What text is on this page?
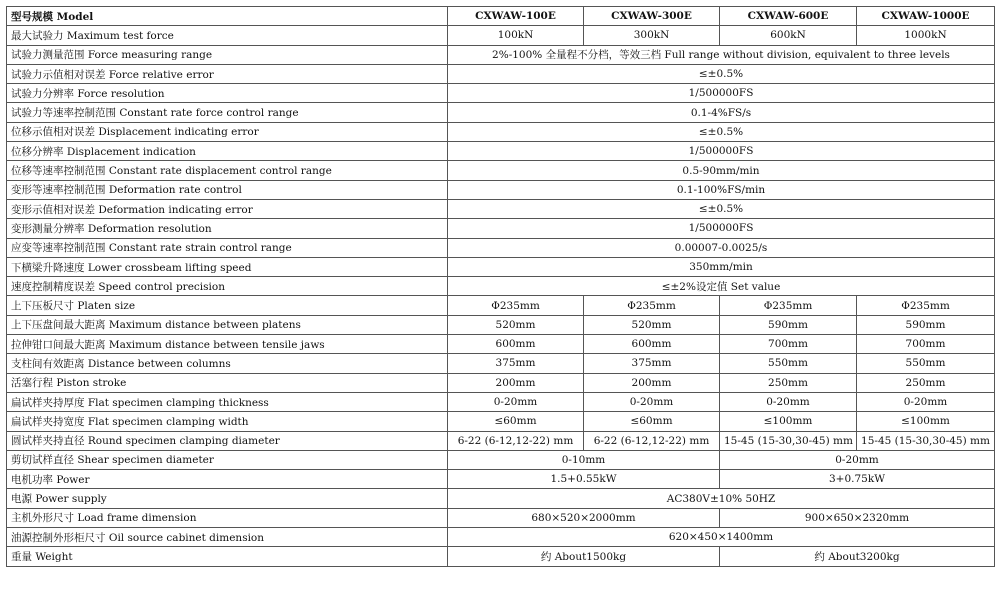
型号规模 Model	CXWAW-100E	CXWAW-300E	CXWAW-600E	CXWAW-1000E
最大试验力 Maximum test force	100kN	300kN	600kN	1000kN
试验力测量范围 Force measuring range	2%-100% 全量程不分档，等效三档 Full range without division, equivalent to three levels			
试验力示值相对误差 Force relative error	≤±0.5%			
试验力分辨率 Force resolution	1/500000FS			
试验力等速率控制范围 Constant rate force control range	0.1-4%FS/s			
位移示值相对误差 Displacement indicating error	≤±0.5%			
位移分辨率 Displacement indication	1/500000FS			
位移等速率控制范围 Constant rate displacement control range	0.5-90mm/min			
变形等速率控制范围 Deformation rate control	0.1-100%FS/min			
变形示值相对误差 Deformation indicating error	≤±0.5%			
变形测量分辨率 Deformation resolution	1/500000FS			
应变等速率控制范围 Constant rate strain control range	0.00007-0.0025/s			
下横梁升降速度 Lower crossbeam lifting speed	350mm/min			
速度控制精度误差 Speed control precision	≤±2%设定值 Set value			
上下压板尺寸 Platen size	Φ235mm	Φ235mm	Φ235mm	Φ235mm
上下压盘间最大距离 Maximum distance between platens	520mm	520mm	590mm	590mm
拉伸钳口间最大距离 Maximum distance between tensile jaws	600mm	600mm	700mm	700mm
支柱间有效距离 Distance between columns	375mm	375mm	550mm	550mm
活塞行程 Piston stroke	200mm	200mm	250mm	250mm
扁试样夹持厚度 Flat specimen clamping thickness	0-20mm	0-20mm	0-20mm	0-20mm
扁试样夹持宽度 Flat specimen clamping width	≤60mm	≤60mm	≤100mm	≤100mm
圆试样夹持直径 Round specimen clamping diameter	6-22 (6-12,12-22) mm	6-22 (6-12,12-22) mm	15-45 (15-30,30-45) mm	15-45 (15-30,30-45) mm
剪切试样直径 Shear specimen diameter	0-10mm		0-20mm	
电机功率 Power	1.5+0.55kW		3+0.75kW	
电源 Power supply	AC380V±10% 50HZ			
主机外形尺寸 Load frame dimension	680×520×2000mm		900×650×2320mm	
油源控制外形柜尺寸 Oil source cabinet dimension	620×450×1400mm			
重量 Weight	约 About1500kg		约 About3200kg	
